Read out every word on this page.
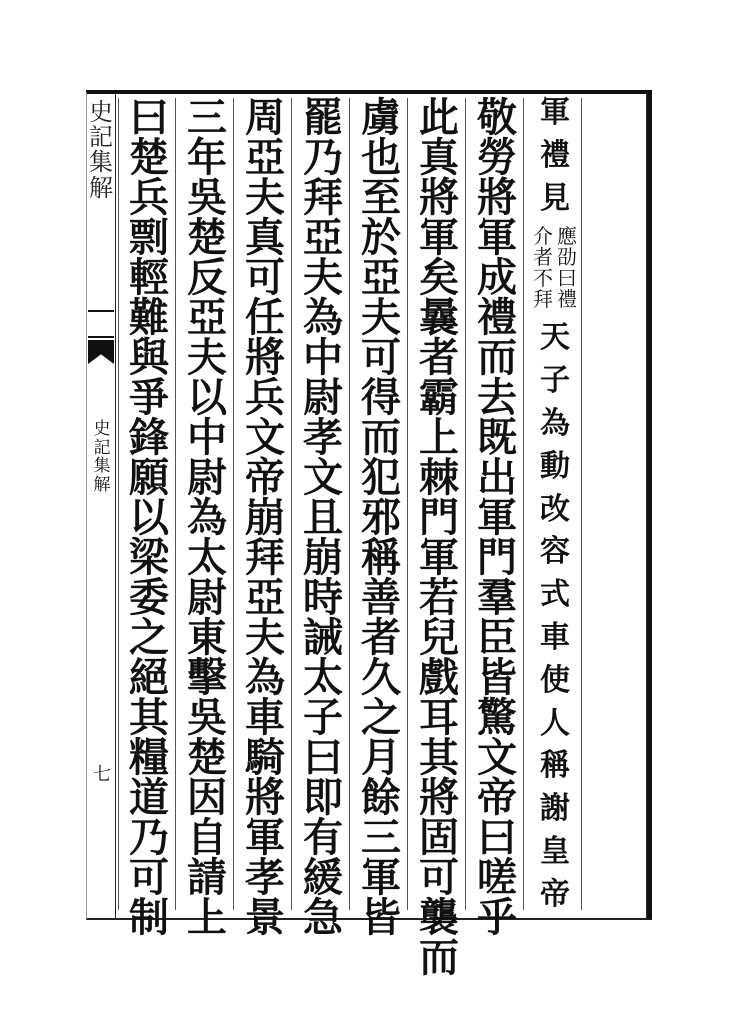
史
記
集
解
史
記
集
解
七
軍
禮
見
應
劭
曰
禮
介
者
不
拜
天
子
為
動
改
容
式
車
使
人
稱
謝
皇
帝
敬
勞
將
軍
成
禮
而
去
既
出
軍
門
羣
臣
皆
驚
文
帝
曰
嗟
乎
此
真
將
軍
矣
曩
者
霸
上
棘
門
軍
若
兒
戲
耳
其
將
固
可
襲
而
虜
也
至
於
亞
夫
可
得
而
犯
邪
稱
善
者
久
之
月
餘
三
軍
皆
罷
乃
拜
亞
夫
為
中
尉
孝
文
且
崩
時
誡
太
子
曰
即
有
緩
急
周
亞
夫
真
可
任
將
兵
文
帝
崩
拜
亞
夫
為
車
騎
將
軍
孝
景
三
年
吳
楚
反
亞
夫
以
中
尉
為
太
尉
東
擊
吳
楚
因
自
請
上
曰
楚
兵
剽
輕
難
與
爭
鋒
願
以
梁
委
之
絕
其
糧
道
乃
可
制
